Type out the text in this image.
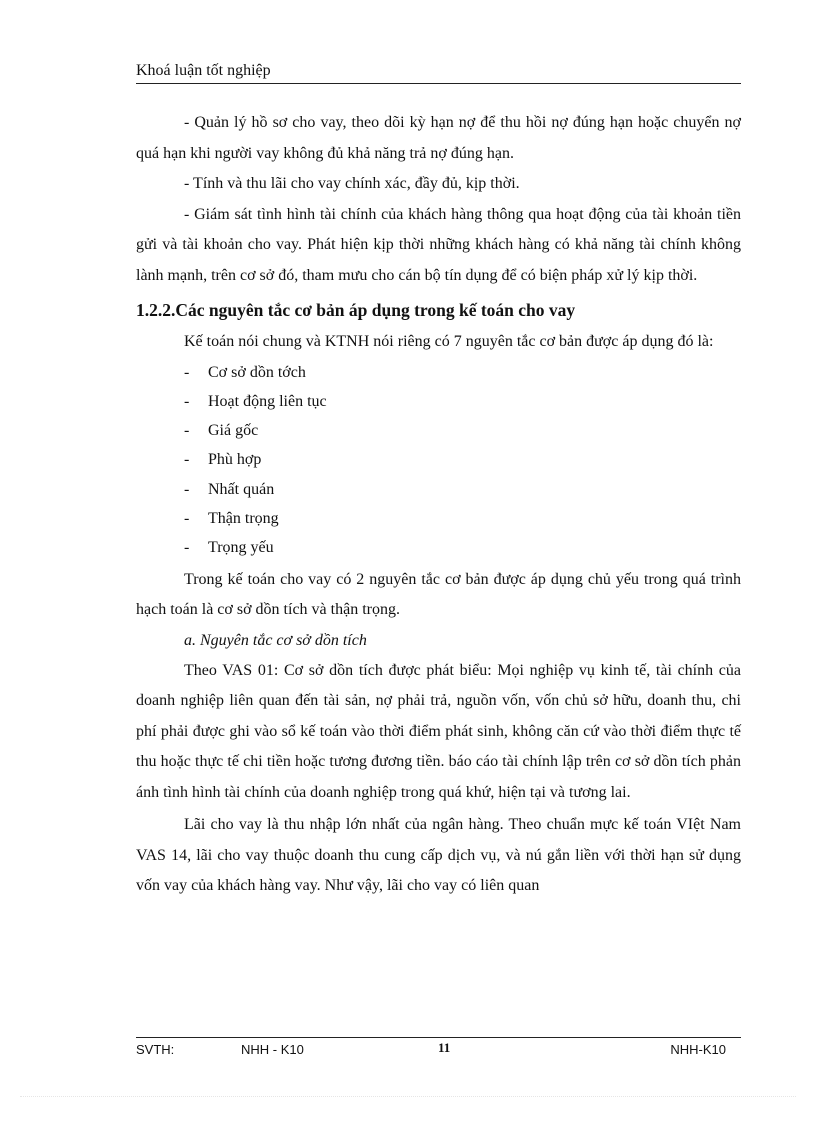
Khoá luận tốt nghiệp

- Quản lý hồ sơ cho vay, theo dõi kỳ hạn nợ để thu hồi nợ đúng hạn hoặc chuyển nợ quá hạn khi người vay không đủ khả năng trả nợ đúng hạn.

- Tính và thu lãi cho vay chính xác, đầy đủ, kịp thời.

- Giám sát tình hình tài chính của khách hàng thông qua hoạt động của tài khoản tiền gửi và tài khoản cho vay. Phát hiện kịp thời những khách hàng có khả năng tài chính không lành mạnh, trên cơ sở đó, tham mưu cho cán bộ tín dụng để có biện pháp xử lý kịp thời.

1.2.2.Các nguyên tắc cơ bản áp dụng trong kế toán cho vay

Kế toán nói chung và KTNH nói riêng có 7 nguyên tắc cơ bản được áp dụng đó là:

- Cơ sở dồn tớch

- Hoạt động liên tục

- Giá gốc

- Phù hợp

- Nhất quán

- Thận trọng

- Trọng yếu

Trong kế toán cho vay có 2 nguyên tắc cơ bản được áp dụng chủ yếu trong quá trình hạch toán là cơ sở dồn tích và thận trọng.

a. Nguyên tắc cơ sở dồn tích

Theo VAS 01: Cơ sở dồn tích được phát biểu: Mọi nghiệp vụ kinh tế, tài chính của doanh nghiệp liên quan đến tài sản, nợ phải trả, nguồn vốn, vốn chủ sở hữu, doanh thu, chi phí phải được ghi vào sổ kế toán vào thời điểm phát sinh, không căn cứ vào thời điểm thực tế thu hoặc thực tế chi tiền hoặc tương đương tiền. báo cáo tài chính lập trên cơ sở dồn tích phản ánh tình hình tài chính của doanh nghiệp trong quá khứ, hiện tại và tương lai.

Lãi cho vay là thu nhập lớn nhất của ngân hàng. Theo chuẩn mực kế toán VIệt Nam VAS 14, lãi cho vay thuộc doanh thu cung cấp dịch vụ, và nú gắn liền với thời hạn sử dụng vốn vay của khách hàng vay. Như vậy, lãi cho vay có liên quan

SVTH:	NHH - K10	11	NHH-K10
